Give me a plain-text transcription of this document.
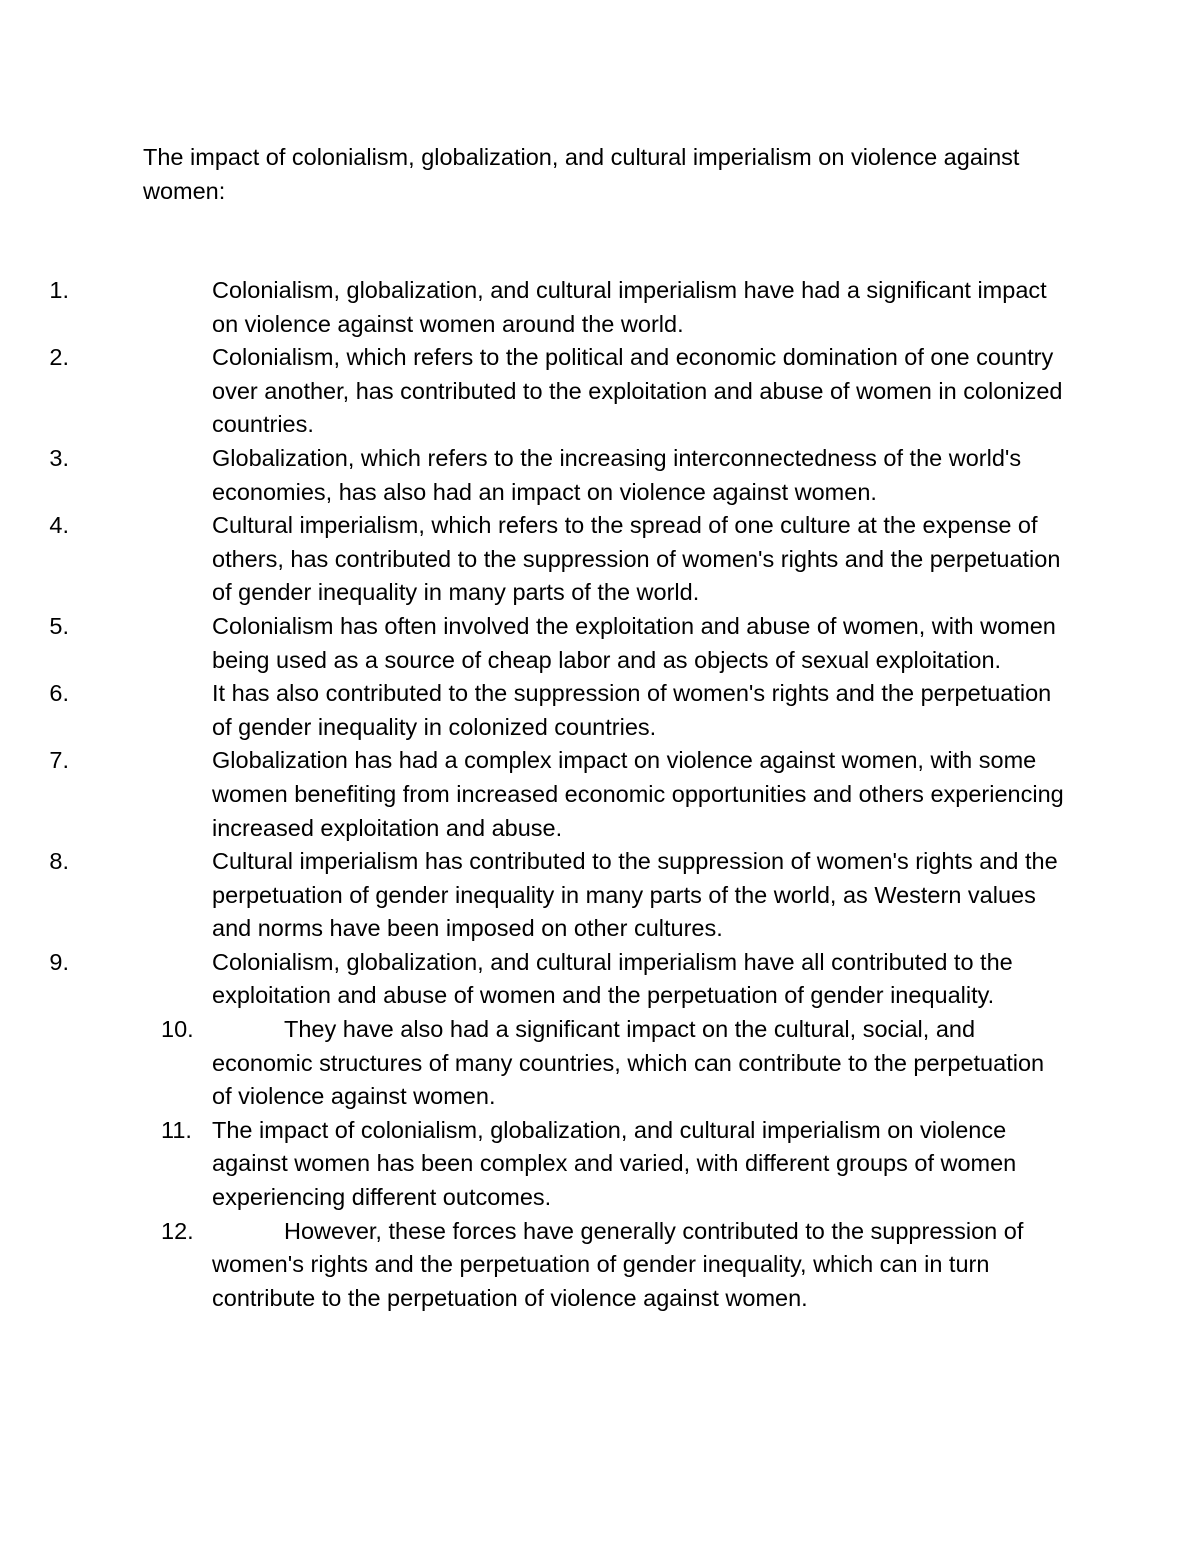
The impact of colonialism, globalization, and cultural imperialism on violence against women:

1.	Colonialism, globalization, and cultural imperialism have had a significant impact on violence against women around the world.
2.	Colonialism, which refers to the political and economic domination of one country over another, has contributed to the exploitation and abuse of women in colonized countries.
3.	Globalization, which refers to the increasing interconnectedness of the world's economies, has also had an impact on violence against women.
4.	Cultural imperialism, which refers to the spread of one culture at the expense of others, has contributed to the suppression of women's rights and the perpetuation of gender inequality in many parts of the world.
5.	Colonialism has often involved the exploitation and abuse of women, with women being used as a source of cheap labor and as objects of sexual exploitation.
6.	It has also contributed to the suppression of women's rights and the perpetuation of gender inequality in colonized countries.
7.	Globalization has had a complex impact on violence against women, with some women benefiting from increased economic opportunities and others experiencing increased exploitation and abuse.
8.	Cultural imperialism has contributed to the suppression of women's rights and the perpetuation of gender inequality in many parts of the world, as Western values and norms have been imposed on other cultures.
9.	Colonialism, globalization, and cultural imperialism have all contributed to the exploitation and abuse of women and the perpetuation of gender inequality.
10.	They have also had a significant impact on the cultural, social, and economic structures of many countries, which can contribute to the perpetuation of violence against women.
11. The impact of colonialism, globalization, and cultural imperialism on violence against women has been complex and varied, with different groups of women experiencing different outcomes.
12.	However, these forces have generally contributed to the suppression of women's rights and the perpetuation of gender inequality, which can in turn contribute to the perpetuation of violence against women.
